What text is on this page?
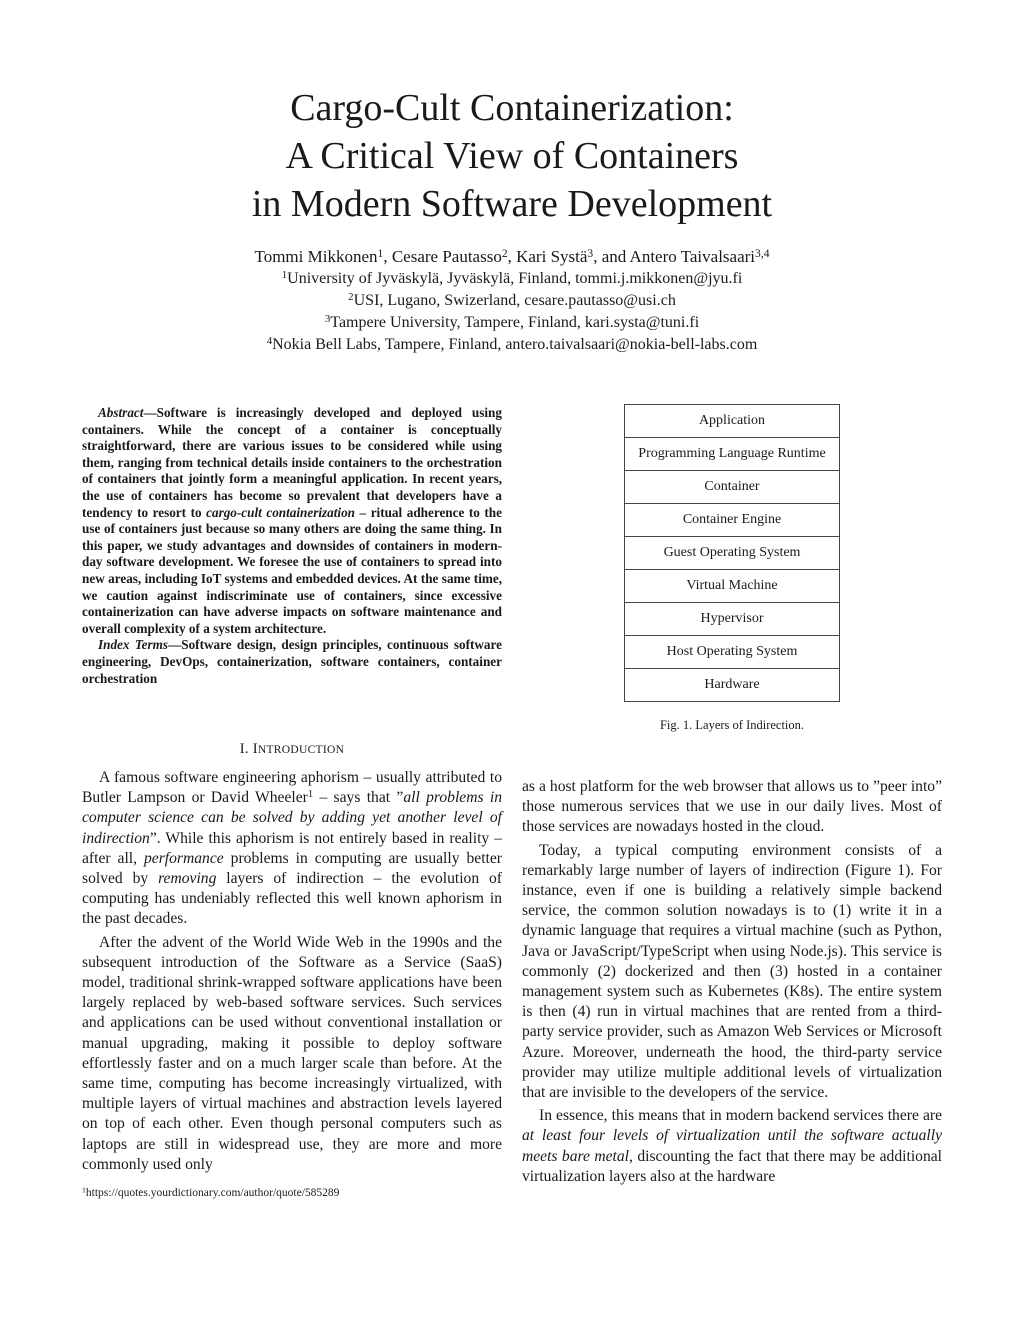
Cargo-Cult Containerization:
A Critical View of Containers
in Modern Software Development
Tommi Mikkonen$^1$, Cesare Pautasso$^2$, Kari Systä$^3$, and Antero Taivalsaari$^{3,4}$
$^1$University of Jyväskylä, Jyväskylä, Finland, tommi.j.mikkonen@jyu.fi
$^2$USI, Lugano, Swizerland, cesare.pautasso@usi.ch
$^3$Tampere University, Tampere, Finland, kari.systa@tuni.fi
$^4$Nokia Bell Labs, Tampere, Finland, antero.taivalsaari@nokia-bell-labs.com

Abstract—Software is increasingly developed and deployed using containers. While the concept of a container is conceptually straightforward, there are various issues to be considered while using them, ranging from technical details inside containers to the orchestration of containers that jointly form a meaningful application. In recent years, the use of containers has become so prevalent that developers have a tendency to resort to cargo-cult containerization – ritual adherence to the use of containers just because so many others are doing the same thing. In this paper, we study advantages and downsides of containers in modern-day software development. We foresee the use of containers to spread into new areas, including IoT systems and embedded devices. At the same time, we caution against indiscriminate use of containers, since excessive containerization can have adverse impacts on software maintenance and overall complexity of a system architecture.

Index Terms—Software design, design principles, continuous software engineering, DevOps, containerization, software containers, container orchestration

I. INTRODUCTION

A famous software engineering aphorism – usually attributed to Butler Lampson or David Wheeler$^1$ – says that ”all problems in computer science can be solved by adding yet another level of indirection”. While this aphorism is not entirely based in reality – after all, performance problems in computing are usually better solved by removing layers of indirection – the evolution of computing has undeniably reflected this well known aphorism in the past decades.

After the advent of the World Wide Web in the 1990s and the subsequent introduction of the Software as a Service (SaaS) model, traditional shrink-wrapped software applications have been largely replaced by web-based software services. Such services and applications can be used without conventional installation or manual upgrading, making it possible to deploy software effortlessly faster and on a much larger scale than before. At the same time, computing has become increasingly virtualized, with multiple layers of virtual machines and abstraction levels layered on top of each other. Even though personal computers such as laptops are still in widespread use, they are more and more commonly used only

$^1$https://quotes.yourdictionary.com/author/quote/585289
Application
Programming Language Runtime
Container
Container Engine
Guest Operating System
Virtual Machine
Hypervisor
Host Operating System
Hardware
Fig. 1. Layers of Indirection.

as a host platform for the web browser that allows us to ”peer into” those numerous services that we use in our daily lives. Most of those services are nowadays hosted in the cloud.

Today, a typical computing environment consists of a remarkably large number of layers of indirection (Figure 1). For instance, even if one is building a relatively simple backend service, the common solution nowadays is to (1) write it in a dynamic language that requires a virtual machine (such as Python, Java or JavaScript/TypeScript when using Node.js). This service is commonly (2) dockerized and then (3) hosted in a container management system such as Kubernetes (K8s). The entire system is then (4) run in virtual machines that are rented from a third-party service provider, such as Amazon Web Services or Microsoft Azure. Moreover, underneath the hood, the third-party service provider may utilize multiple additional levels of virtualization that are invisible to the developers of the service.

In essence, this means that in modern backend services there are at least four levels of virtualization until the software actually meets bare metal, discounting the fact that there may be additional virtualization layers also at the hardware
